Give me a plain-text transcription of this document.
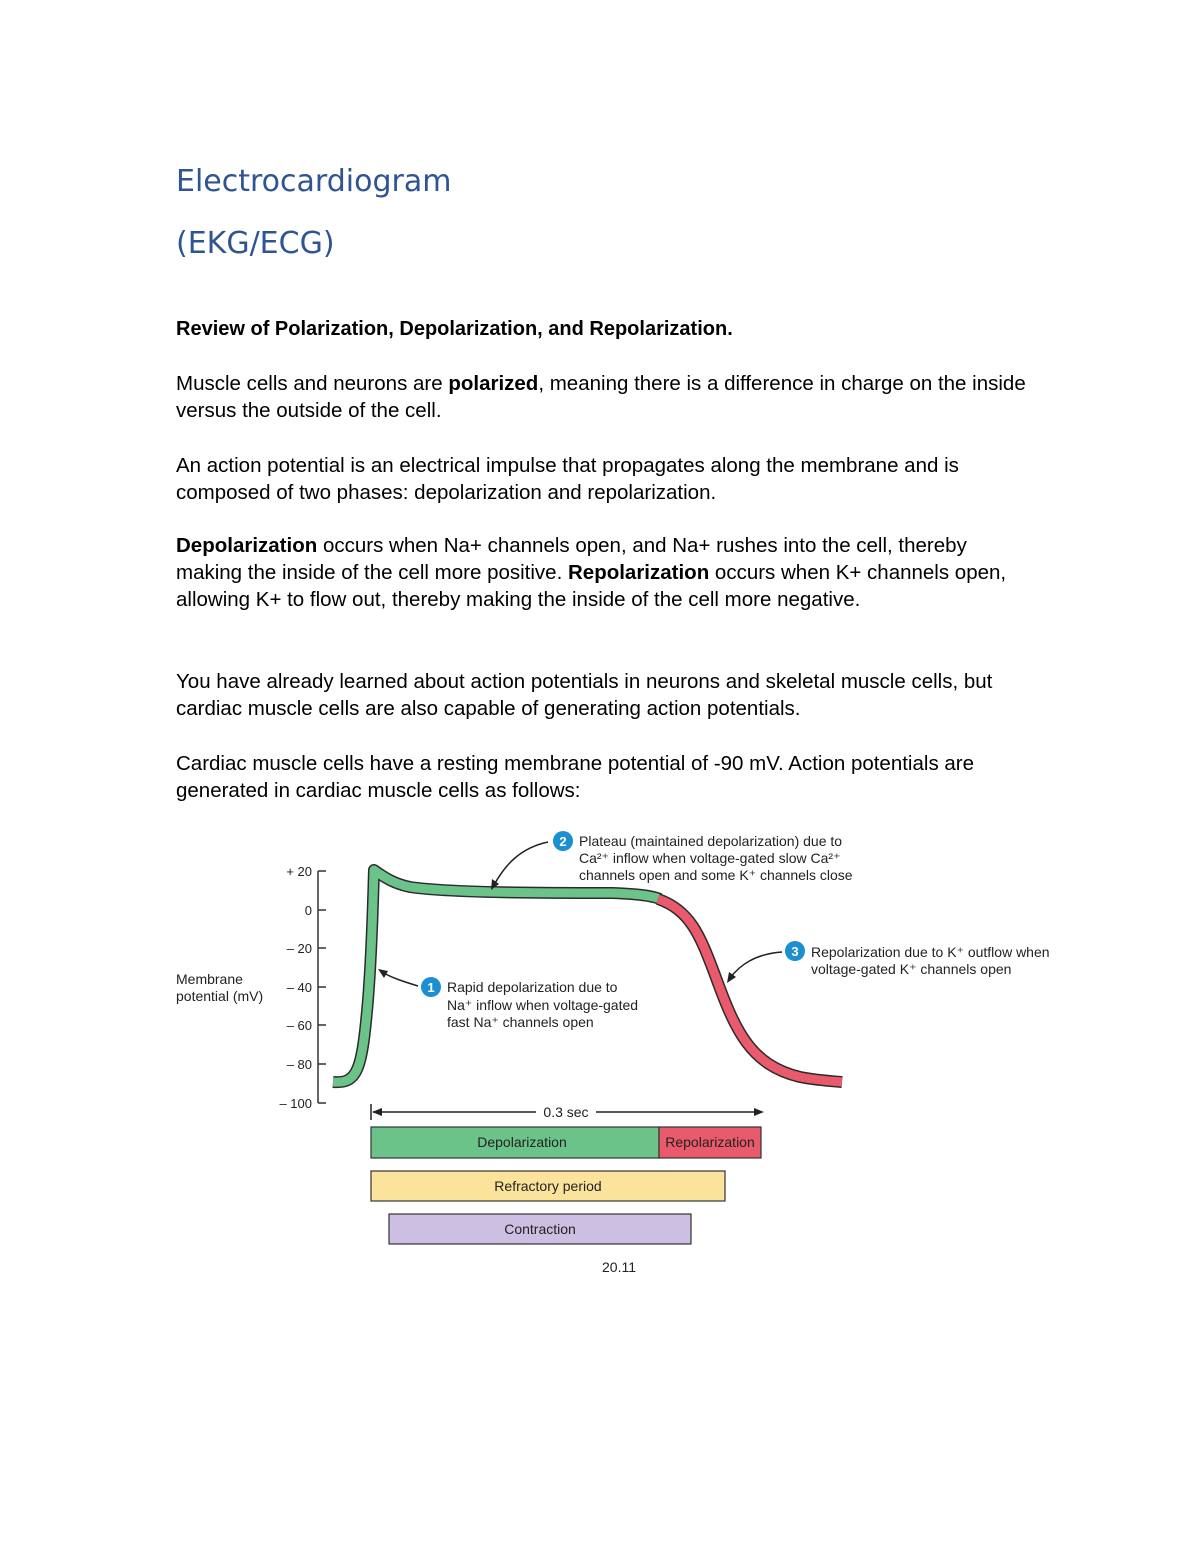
Electrocardiogram
(EKG/ECG)
Review of Polarization, Depolarization, and Repolarization.

Muscle cells and neurons are polarized, meaning there is a difference in charge on the inside versus the outside of the cell.

An action potential is an electrical impulse that propagates along the membrane and is composed of two phases: depolarization and repolarization.

Depolarization occurs when Na+ channels open, and Na+ rushes into the cell, thereby making the inside of the cell more positive. Repolarization occurs when K+ channels open, allowing K+ to flow out, thereby making the inside of the cell more negative.

You have already learned about action potentials in neurons and skeletal muscle cells, but cardiac muscle cells are also capable of generating action potentials.

Cardiac muscle cells have a resting membrane potential of -90 mV. Action potentials are generated in cardiac muscle cells as follows:

+ 20
0
– 20
– 40
– 60
– 80
– 100
Membrane
potential (mV)
2 Plateau (maintained depolarization) due to
Ca²⁺ inflow when voltage-gated slow Ca²⁺
channels open and some K⁺ channels close
1 Rapid depolarization due to
Na⁺ inflow when voltage-gated
fast Na⁺ channels open
3 Repolarization due to K⁺ outflow when
voltage-gated K⁺ channels open
0.3 sec
Depolarization	Repolarization
Refractory period
Contraction
20.11
